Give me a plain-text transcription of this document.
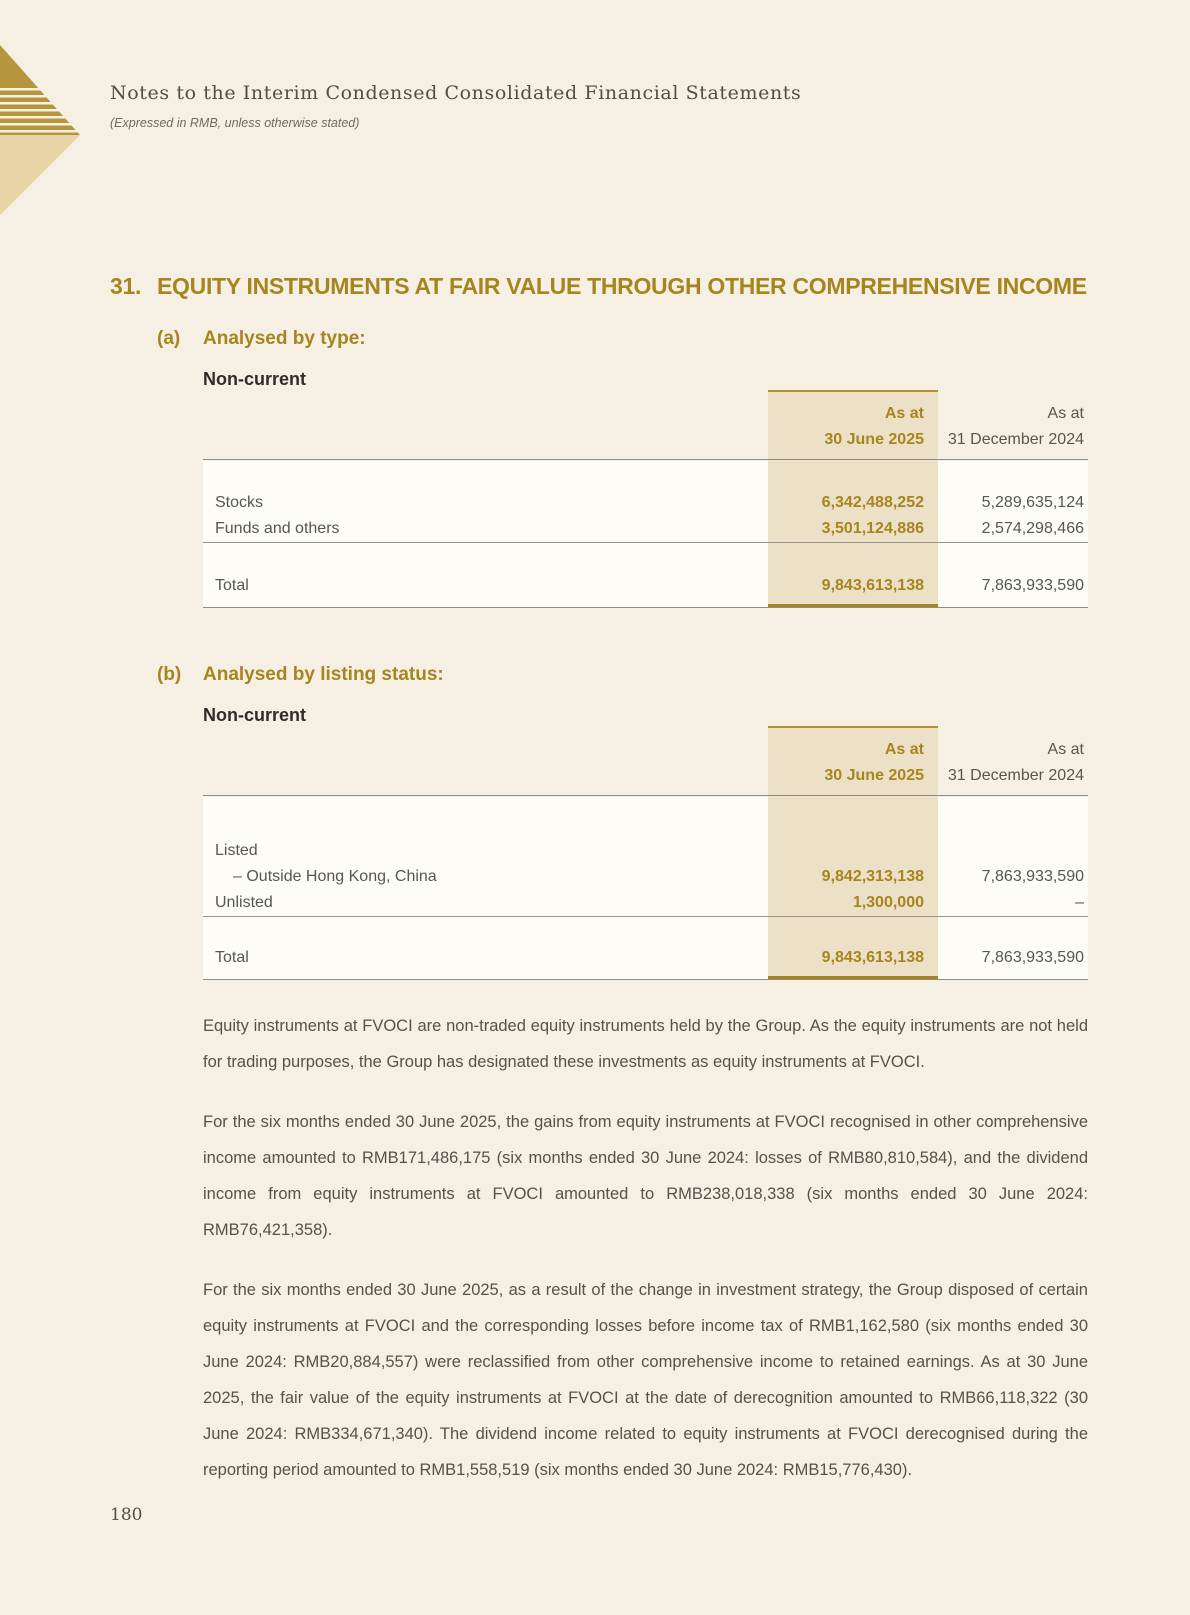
Notes to the Interim Condensed Consolidated Financial Statements
(Expressed in RMB, unless otherwise stated)
31. EQUITY INSTRUMENTS AT FAIR VALUE THROUGH OTHER COMPREHENSIVE INCOME
(a)	Analysed by type:
Non-current
As at
30 June 2025
As at
31 December 2024
Stocks	6,342,488,252	5,289,635,124
Funds and others	3,501,124,886	2,574,298,466
Total	9,843,613,138	7,863,933,590
(b)	Analysed by listing status:
Non-current
As at
30 June 2025
As at
31 December 2024
Listed
– Outside Hong Kong, China	9,842,313,138	7,863,933,590
Unlisted	1,300,000	–
Total	9,843,613,138	7,863,933,590

Equity instruments at FVOCI are non-traded equity instruments held by the Group. As the equity instruments are not held for trading purposes, the Group has designated these investments as equity instruments at FVOCI.

For the six months ended 30 June 2025, the gains from equity instruments at FVOCI recognised in other comprehensive income amounted to RMB171,486,175 (six months ended 30 June 2024: losses of RMB80,810,584), and the dividend income from equity instruments at FVOCI amounted to RMB238,018,338 (six months ended 30 June 2024: RMB76,421,358).

For the six months ended 30 June 2025, as a result of the change in investment strategy, the Group disposed of certain equity instruments at FVOCI and the corresponding losses before income tax of RMB1,162,580 (six months ended 30 June 2024: RMB20,884,557) were reclassified from other comprehensive income to retained earnings. As at 30 June 2025, the fair value of the equity instruments at FVOCI at the date of derecognition amounted to RMB66,118,322 (30 June 2024: RMB334,671,340). The dividend income related to equity instruments at FVOCI derecognised during the reporting period amounted to RMB1,558,519 (six months ended 30 June 2024: RMB15,776,430).

180
